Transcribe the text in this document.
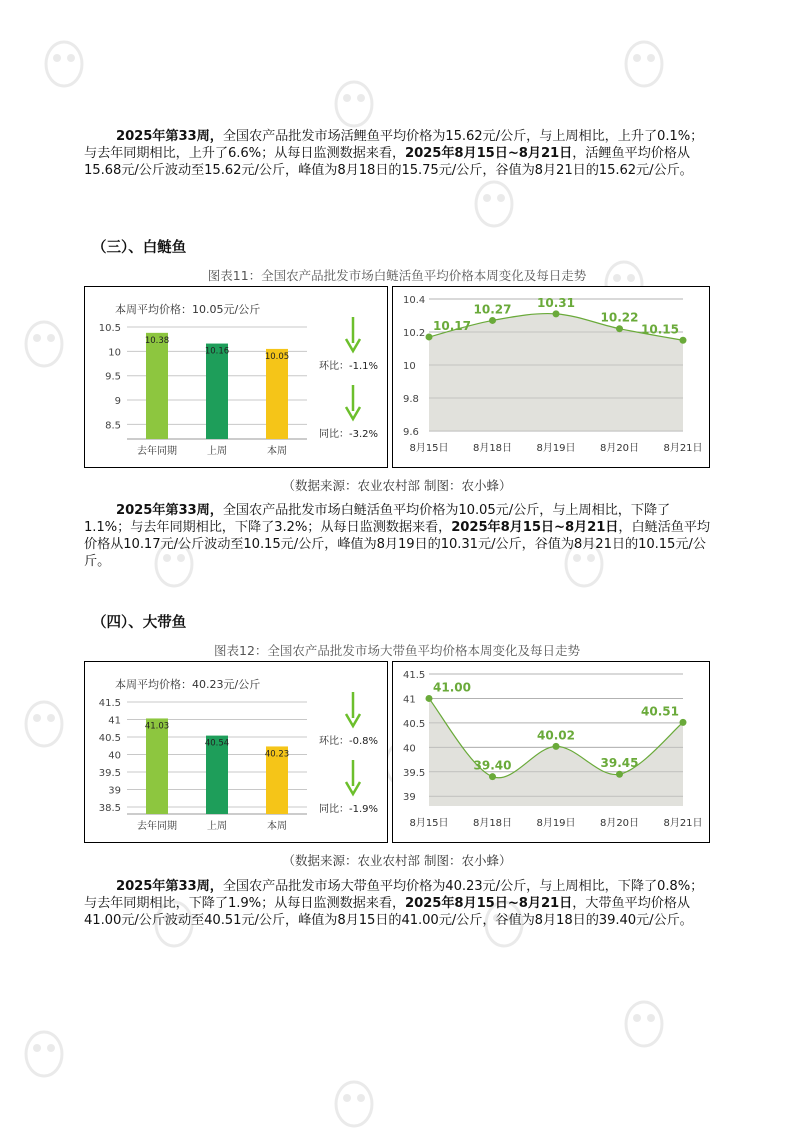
2025年第33周，全国农产品批发市场活鲤鱼平均价格为15.62元/公斤，与上周相比，上升了0.1%；与去年同期相比，上升了6.6%；从每日监测数据来看，2025年8月15日~8月21日，活鲤鱼平均价格从15.68元/公斤波动至15.62元/公斤，峰值为8月18日的15.75元/公斤，谷值为8月21日的15.62元/公斤。

（三）、白鲢鱼

图表11：全国农产品批发市场白鲢活鱼平均价格本周变化及每日走势

本周平均价格：10.05元/公斤
10.5
10
9.5
9
8.5
10.38
去年同期
10.16
上周
10.05
本周
环比：-1.1%
同比：-3.2%
10.4
10.2
10
9.8
9.6
10.17
8月15日
10.27
8月18日
10.31
8月19日
10.22
8月20日
10.15
8月21日

（数据来源：农业农村部 制图：农小蜂）

2025年第33周，全国农产品批发市场白鲢活鱼平均价格为10.05元/公斤，与上周相比，下降了1.1%；与去年同期相比，下降了3.2%；从每日监测数据来看，2025年8月15日~8月21日，白鲢活鱼平均价格从10.17元/公斤波动至10.15元/公斤，峰值为8月19日的10.31元/公斤，谷值为8月21日的10.15元/公斤。

（四）、大带鱼

图表12：全国农产品批发市场大带鱼平均价格本周变化及每日走势

本周平均价格：40.23元/公斤
41.5
41
40.5
40
39.5
39
38.5
41.03
去年同期
40.54
上周
40.23
本周
环比：-0.8%
同比：-1.9%
41.5
41
40.5
40
39.5
39
41.00
8月15日
39.40
8月18日
40.02
8月19日
39.45
8月20日
40.51
8月21日

（数据来源：农业农村部 制图：农小蜂）

2025年第33周，全国农产品批发市场大带鱼平均价格为40.23元/公斤，与上周相比，下降了0.8%；与去年同期相比，下降了1.9%；从每日监测数据来看，2025年8月15日~8月21日，大带鱼平均价格从41.00元/公斤波动至40.51元/公斤，峰值为8月15日的41.00元/公斤，谷值为8月18日的39.40元/公斤。
